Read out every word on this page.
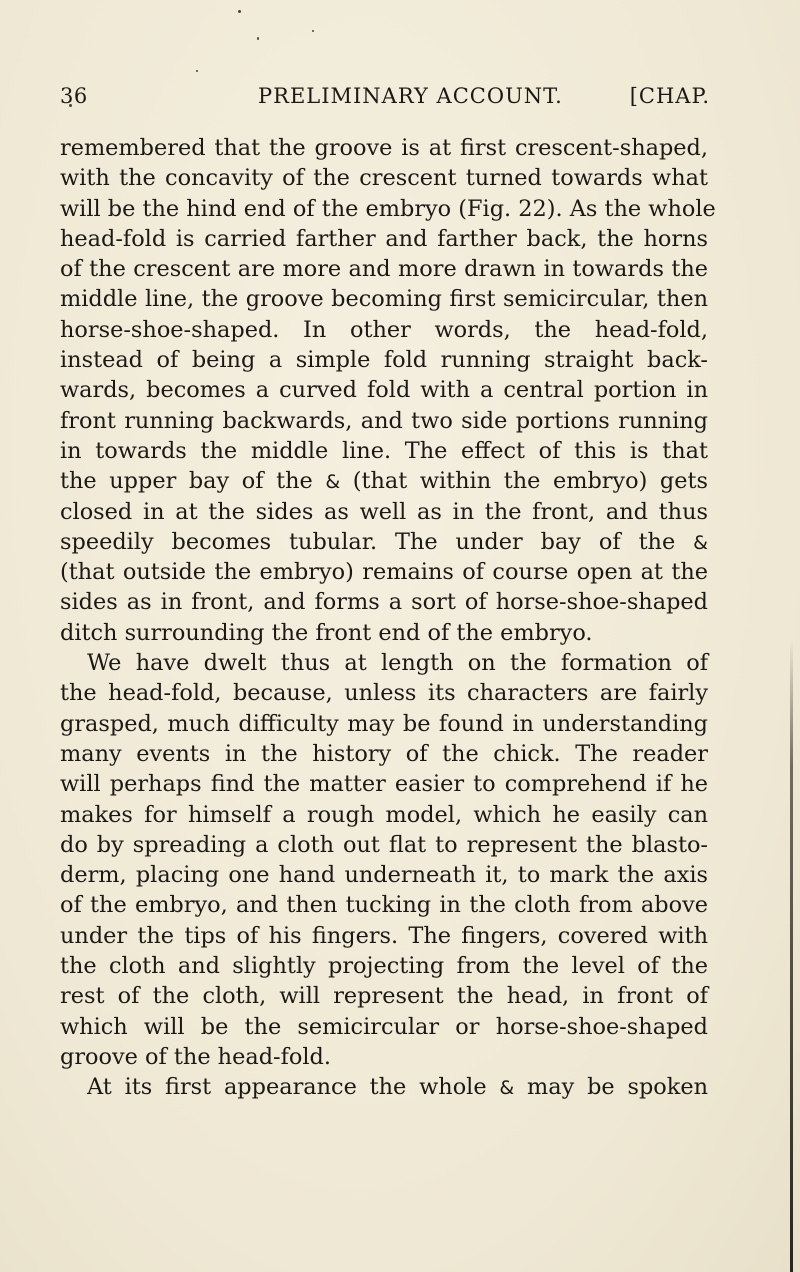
36	PRELIMINARY ACCOUNT.	[CHAP.
remembered that the groove is at first crescent-shaped,
with the concavity of the crescent turned towards what
will be the hind end of the embryo (Fig. 22). As the whole
head-fold is carried farther and farther back, the horns
of the crescent are more and more drawn in towards the
middle line, the groove becoming first semicircular, then
horse-shoe-shaped. In other words, the head-fold,
instead of being a simple fold running straight back-
wards, becomes a curved fold with a central portion in
front running backwards, and two side portions running
in towards the middle line. The effect of this is that
the upper bay of the & (that within the embryo) gets
closed in at the sides as well as in the front, and thus
speedily becomes tubular. The under bay of the &
(that outside the embryo) remains of course open at the
sides as in front, and forms a sort of horse-shoe-shaped
ditch surrounding the front end of the embryo.
We have dwelt thus at length on the formation of
the head-fold, because, unless its characters are fairly
grasped, much difficulty may be found in understanding
many events in the history of the chick. The reader
will perhaps find the matter easier to comprehend if he
makes for himself a rough model, which he easily can
do by spreading a cloth out flat to represent the blasto-
derm, placing one hand underneath it, to mark the axis
of the embryo, and then tucking in the cloth from above
under the tips of his fingers. The fingers, covered with
the cloth and slightly projecting from the level of the
rest of the cloth, will represent the head, in front of
which will be the semicircular or horse-shoe-shaped
groove of the head-fold.
At its first appearance the whole & may be spoken
